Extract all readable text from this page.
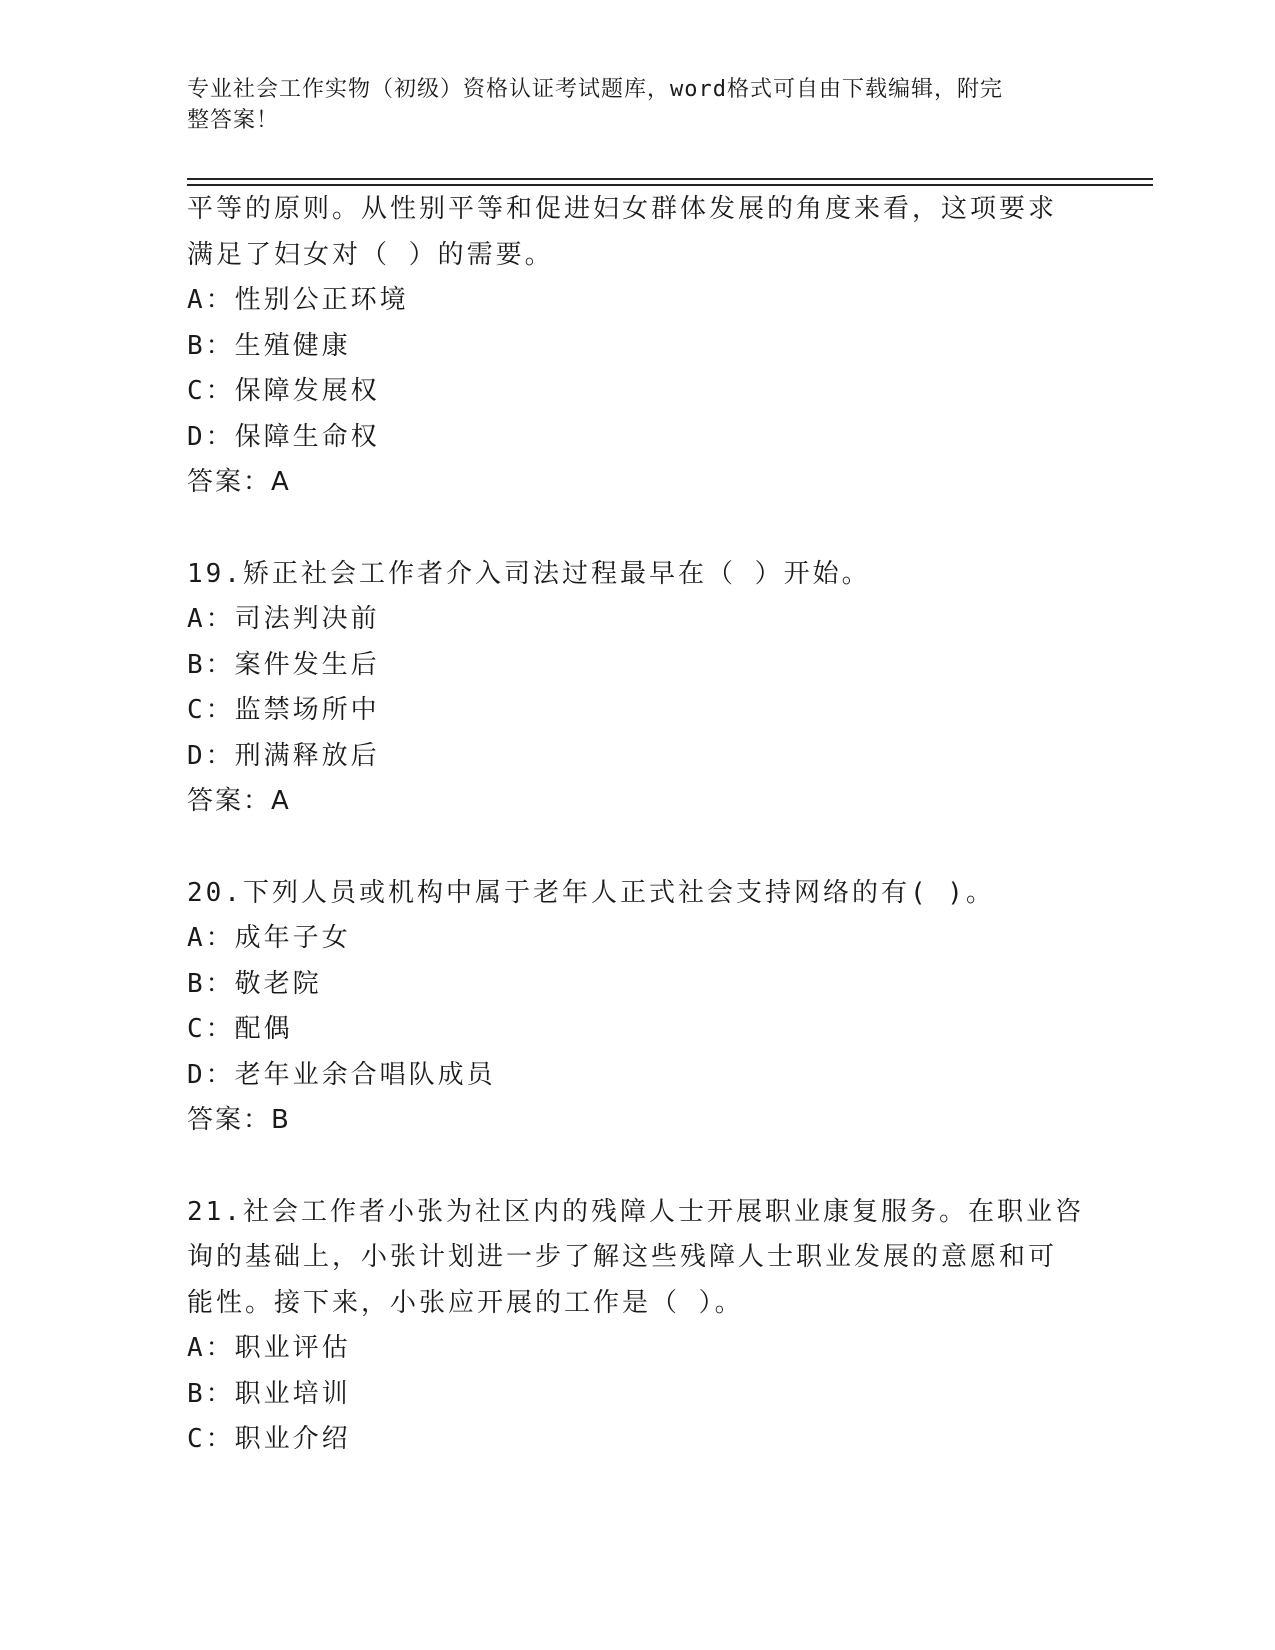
专业社会工作实物（初级）资格认证考试题库，word格式可自由下载编辑，附完
整答案！
平等的原则。从性别平等和促进妇女群体发展的角度来看，这项要求
满足了妇女对（ ）的需要。
A：性别公正环境
B：生殖健康
C：保障发展权
D：保障生命权
答案：A
19.矫正社会工作者介入司法过程最早在（ ）开始。
A：司法判决前
B：案件发生后
C：监禁场所中
D：刑满释放后
答案：A
20.下列人员或机构中属于老年人正式社会支持网络的有( )。
A：成年子女
B：敬老院
C：配偶
D：老年业余合唱队成员
答案：B
21.社会工作者小张为社区内的残障人士开展职业康复服务。在职业咨
询的基础上，小张计划进一步了解这些残障人士职业发展的意愿和可
能性。接下来，小张应开展的工作是（ ）。
A：职业评估
B：职业培训
C：职业介绍
